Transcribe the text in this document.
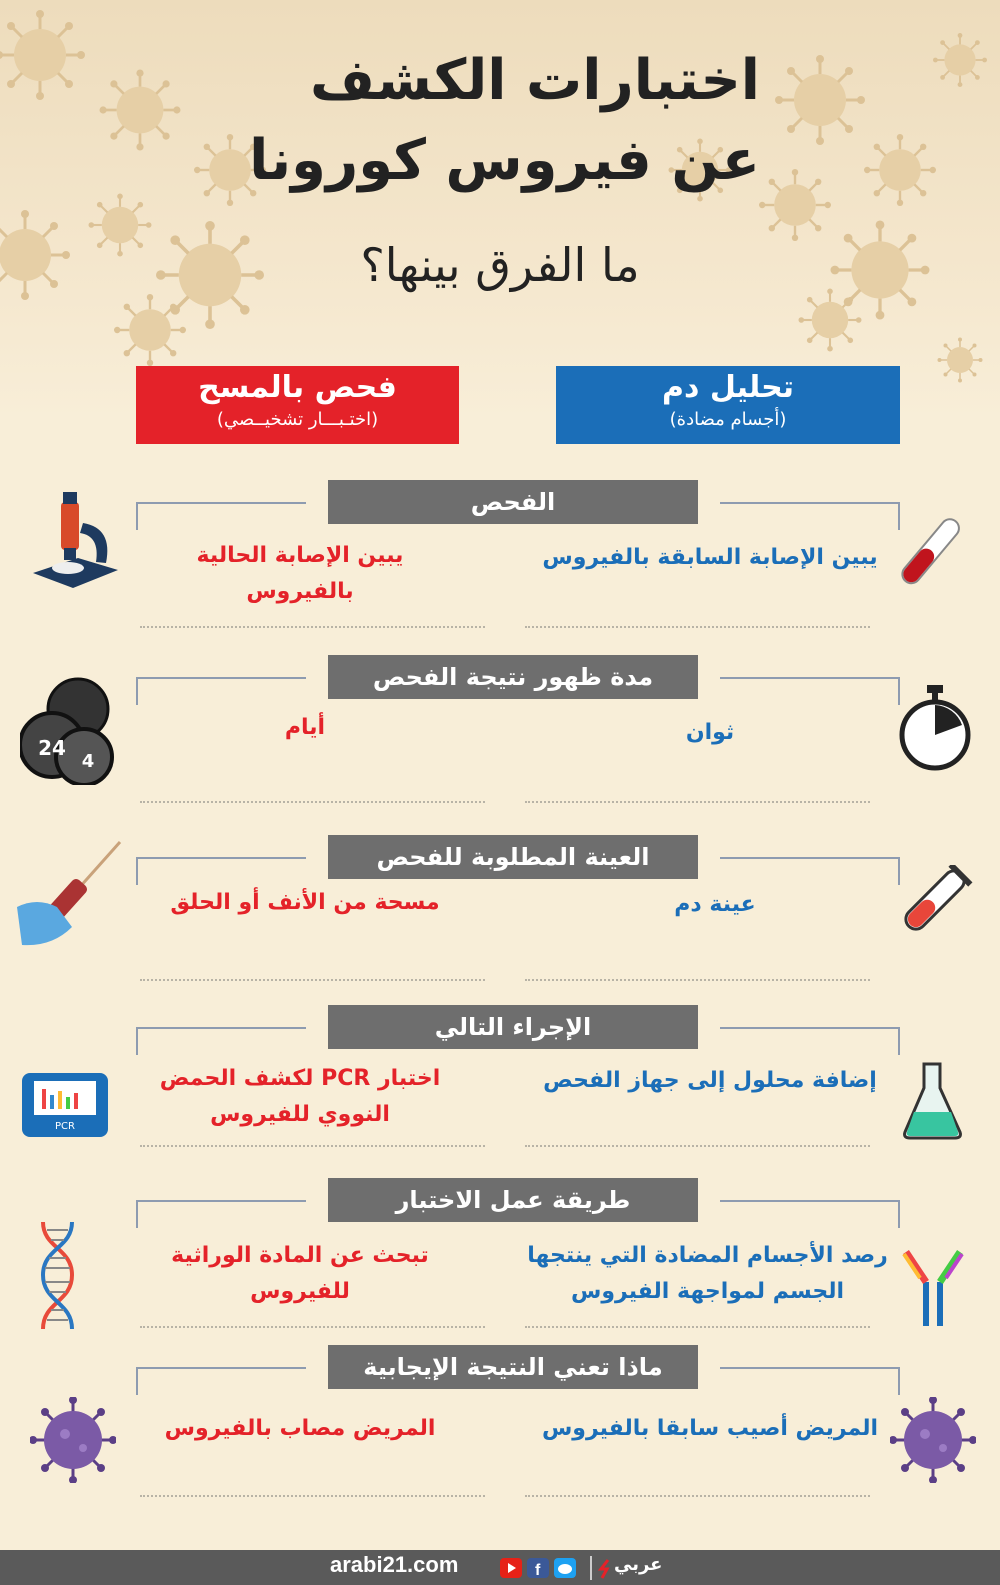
اختبارات الكشف
عن فيروس كورونا
ما الفرق بينها؟
تحليل دم
(أجسام مضادة)
فحص بالمسح
(اختـبـــار تشخيــصي)
الفحص
يبين الإصابة السابقة بالفيروس
يبين الإصابة الحالية بالفيروس
مدة ظهور نتيجة الفحص
ثوان
أيام
24
4
العينة المطلوبة للفحص
عينة دم
مسحة من الأنف أو الحلق
الإجراء التالي
إضافة محلول إلى جهاز الفحص
اختبار PCR لكشف الحمض
النووي للفيروس
PCR
طريقة عمل الاختبار
رصد الأجسام المضادة التي ينتجها
الجسم لمواجهة الفيروس
تبحث عن المادة الوراثية
للفيروس
ماذا تعني النتيجة الإيجابية
المريض أصيب سابقا بالفيروس
المريض مصاب بالفيروس
arabi21.com	f	عربي
